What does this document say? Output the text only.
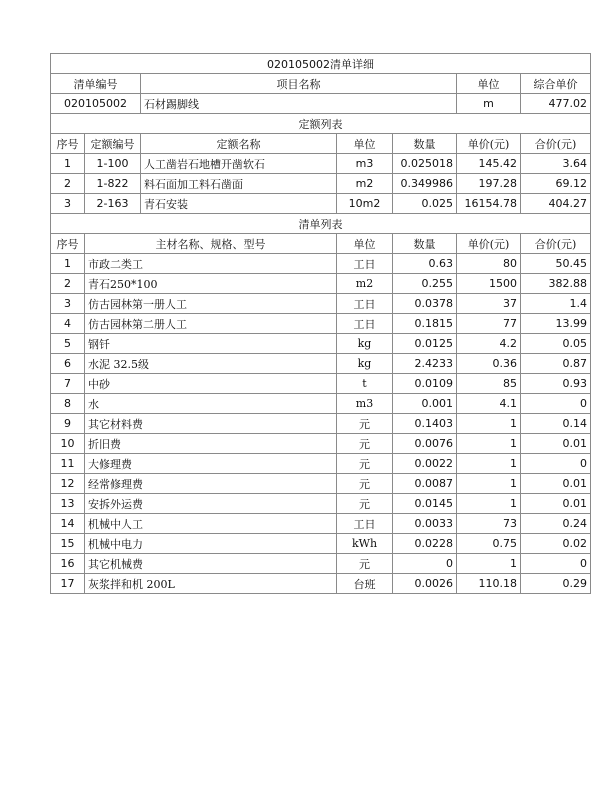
020105002清单详细						
清单编号		项目名称			单位	综合单价
020105002		石材踢脚线			m	477.02
定额列表						
序号	定额编号	定额名称	单位	数量	单价(元)	合价(元)
1	1-100	人工凿岩石地槽开凿软石	m3	0.025018	145.42	3.64
2	1-822	料石面加工料石凿面	m2	0.349986	197.28	69.12
3	2-163	青石安装	10m2	0.025	16154.78	404.27
清单列表						
序号	主材名称、规格、型号		单位	数量	单价(元)	合价(元)
1	市政二类工		工日	0.63	80	50.45
2	青石250*100		m2	0.255	1500	382.88
3	仿古园林第一册人工		工日	0.0378	37	1.4
4	仿古园林第二册人工		工日	0.1815	77	13.99
5	钢钎		kg	0.0125	4.2	0.05
6	水泥 32.5级		kg	2.4233	0.36	0.87
7	中砂		t	0.0109	85	0.93
8	水		m3	0.001	4.1	0
9	其它材料费		元	0.1403	1	0.14
10	折旧费		元	0.0076	1	0.01
11	大修理费		元	0.0022	1	0
12	经常修理费		元	0.0087	1	0.01
13	安拆外运费		元	0.0145	1	0.01
14	机械中人工		工日	0.0033	73	0.24
15	机械中电力		kWh	0.0228	0.75	0.02
16	其它机械费		元	0	1	0
17	灰浆拌和机 200L		台班	0.0026	110.18	0.29
